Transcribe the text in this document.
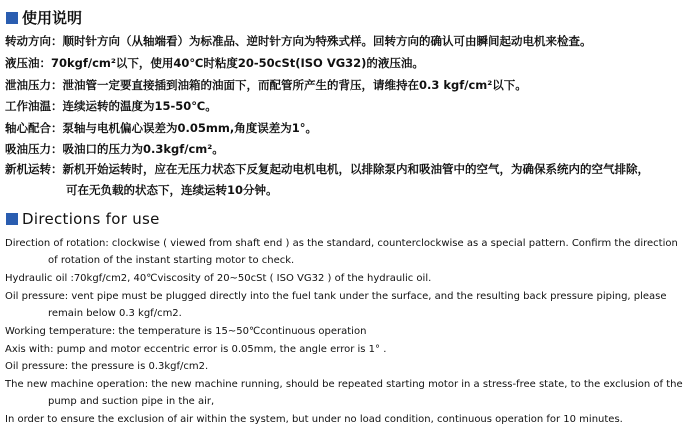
使用说明
转动方向： 顺时针方向（从轴端看）为标准品、逆时针方向为特殊式样。回转方向的确认可由瞬间起动电机来检查。
液压油： 70kgf/cm²以下，使用40℃时粘度20-50cSt(ISO VG32)的液压油。
泄油压力： 泄油管一定要直接插到油箱的油面下，而配管所产生的背压，请维持在0.3 kgf/cm²以下。
工作油温： 连续运转的温度为15-50℃。
轴心配合： 泵轴与电机偏心误差为0.05mm,角度误差为1°。
吸油压力： 吸油口的压力为0.3kgf/cm²。
新机运转： 新机开始运转时，应在无压力状态下反复起动电机电机，以排除泵内和吸油管中的空气，为确保系统内的空气排除，
可在无负载的状态下，连续运转10分钟。
Directions for use
Direction of rotation: clockwise ( viewed from shaft end ) as the standard, counterclockwise as a special pattern. Confirm the direction
of rotation of the instant starting motor to check.
Hydraulic oil :70kgf/cm2, 40℃viscosity of 20~50cSt ( ISO VG32 ) of the hydraulic oil.
Oil pressure: vent pipe must be plugged directly into the fuel tank under the surface, and the resulting back pressure piping, please
remain below 0.3 kgf/cm2.
Working temperature: the temperature is 15~50℃continuous operation
Axis with: pump and motor eccentric error is 0.05mm, the angle error is 1° .
Oil pressure: the pressure is 0.3kgf/cm2.
The new machine operation: the new machine running, should be repeated starting motor in a stress-free state, to the exclusion of the
pump and suction pipe in the air,
In order to ensure the exclusion of air within the system, but under no load condition, continuous operation for 10 minutes.
